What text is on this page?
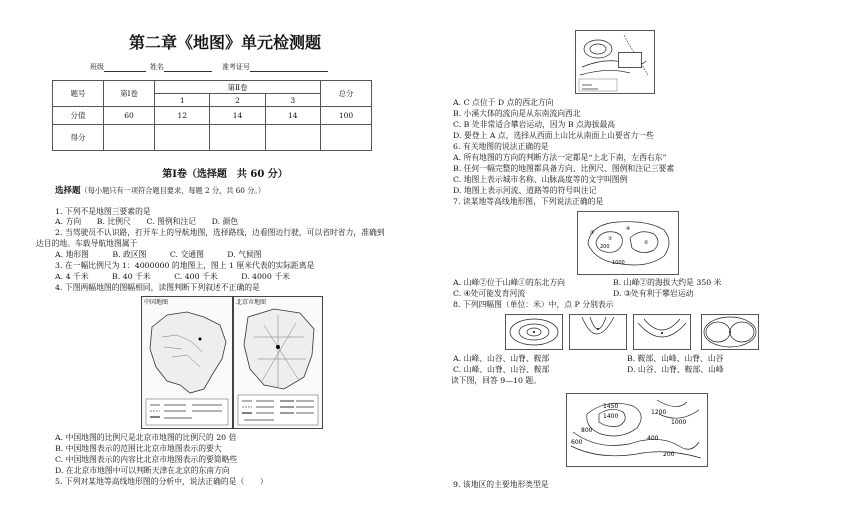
第二章《地图》单元检测题
班级	姓名	准考证号
题号	第Ⅰ卷	第Ⅱ卷			总分
		1	2	3	
分值	60	12	14	14	100
得分					
第Ⅰ卷（选择题　共 60 分）
选择题（每小题只有一项符合题目要求，每题 2 分，共 60 分。）
1. 下列不是地图三要素的是
A. 方向　　B. 比例尺　　C. 图例和注记　　D. 颜色
2. 当驾驶员不认识路，打开车上的导航地图，选择路线，边看图边行驶，可以省时省力，准确到
达目的地。车载导航地图属于
A. 地形图　　　B. 政区图　　　C. 交通图　　　D. 气候图
3. 在一幅比例尺为 1：4000000 的地图上，图上 1 厘米代表的实际距离是
A. 4 千米　　　B. 40 千米　　　C. 400 千米　　　D. 4000 千米
4. 下图两幅地图的图幅相同，读图判断下列叙述不正确的是
中国地图	北京市地图
A. 中国地图的比例尺是北京市地图的比例尺的 20 倍
B. 中国地图表示的范围比北京市地图表示的要大
C. 中国地图表示的内容比北京市地图表示的要简略些
D. 在北京市地图中可以判断天津在北京的东南方向
5. 下列对某地等高线地形图的分析中，说法正确的是（　　）
A. C 点位于 D 点的西北方向
B. 小溪大体的流向是从东南流向西北
C. B 处非常适合攀岩运动，因为 B 点海拔最高
D. 要登上 A 点，选择从西面上山比从南面上山要省力一些
6. 有关地图的说法正确的是
A. 所有地图的方向的判断方法一定都是“上北下南，左西右东”
B. 任何一幅完整的地图都具备方向、比例尺、图例和注记三要素
C. 地图上表示城市名称、山脉高度等的文字叫图例
D. 地图上表示河流、道路等的符号叫注记
7. 读某地等高线地形图，下列说法正确的是
200
1000
①
②
③
④
A. 山峰②位于山峰①的东北方向	B. 山峰②的海拔大约是 350 米
C. ④处可能发育河流	D. ③处有利于攀岩运动
8. 下列四幅图（单位：米）中，点 P 分别表示
A. 山峰、山谷、山脊、鞍部	B. 鞍部、山峰、山脊、山谷
C. 山峰、山脊、山谷、鞍部	D. 山谷、山脊、鞍部、山峰
读下图，回答 9—10 题。
1450
1400
1200
1000
800
600
400
200
9. 该地区的主要地形类型是
